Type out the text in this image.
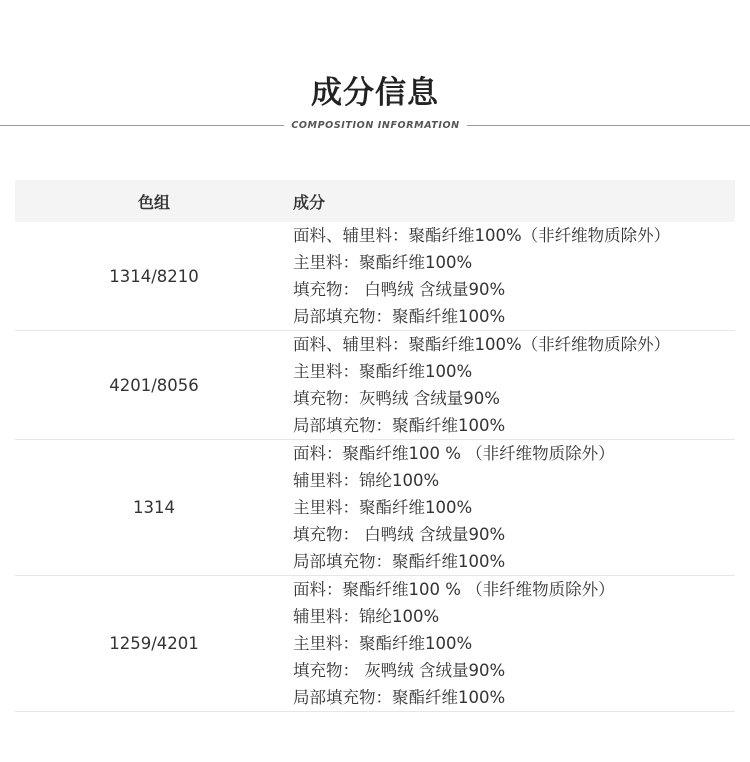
成分信息
COMPOSITION INFORMATION
色组	成分
1314/8210
面料、辅里料：聚酯纤维100%（非纤维物质除外）
主里料：聚酯纤维100%
填充物： 白鸭绒 含绒量90%
局部填充物：聚酯纤维100%
4201/8056
面料、辅里料：聚酯纤维100%（非纤维物质除外）
主里料：聚酯纤维100%
填充物：灰鸭绒 含绒量90%
局部填充物：聚酯纤维100%
1314
面料：聚酯纤维100 % （非纤维物质除外）
辅里料：锦纶100%
主里料：聚酯纤维100%
填充物： 白鸭绒 含绒量90%
局部填充物：聚酯纤维100%
1259/4201
面料：聚酯纤维100 % （非纤维物质除外）
辅里料：锦纶100%
主里料：聚酯纤维100%
填充物： 灰鸭绒 含绒量90%
局部填充物：聚酯纤维100%
